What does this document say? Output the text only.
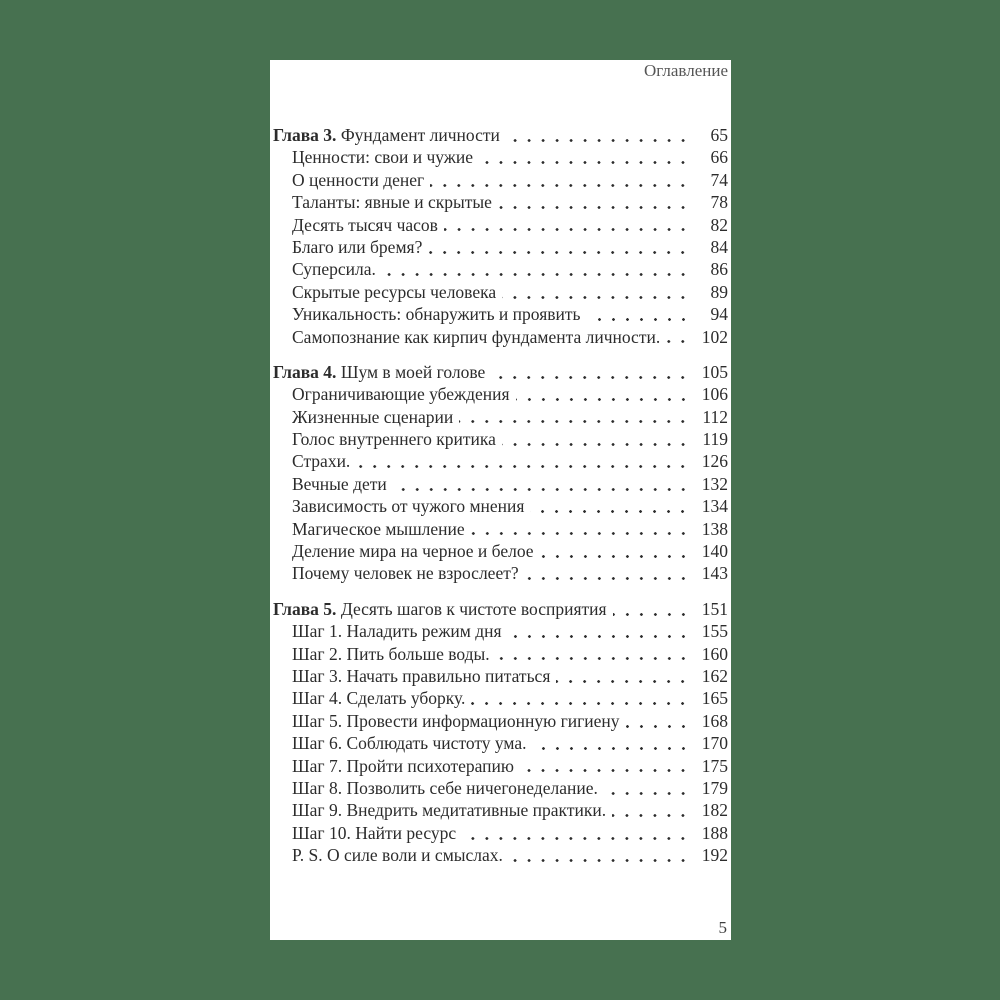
Оглавление
Глава 3. Фундамент личности	65
Ценности: свои и чужие	66
О ценности денег	74
Таланты: явные и скрытые	78
Десять тысяч часов	82
Благо или бремя?	84
Суперсила.	86
Скрытые ресурсы человека	89
Уникальность: обнаружить и проявить	94
Самопознание как кирпич фундамента личности.	102
Глава 4. Шум в моей голове	105
Ограничивающие убеждения	106
Жизненные сценарии	112
Голос внутреннего критика	119
Страхи.	126
Вечные дети	132
Зависимость от чужого мнения	134
Магическое мышление	138
Деление мира на черное и белое	140
Почему человек не взрослеет?	143
Глава 5. Десять шагов к чистоте восприятия	151
Шаг 1. Наладить режим дня	155
Шаг 2. Пить больше воды.	160
Шаг 3. Начать правильно питаться	162
Шаг 4. Сделать уборку.	165
Шаг 5. Провести информационную гигиену	168
Шаг 6. Соблюдать чистоту ума.	170
Шаг 7. Пройти психотерапию	175
Шаг 8. Позволить себе ничегонеделание.	179
Шаг 9. Внедрить медитативные практики.	182
Шаг 10. Найти ресурс	188
P. S. О силе воли и смыслах.	192
5
